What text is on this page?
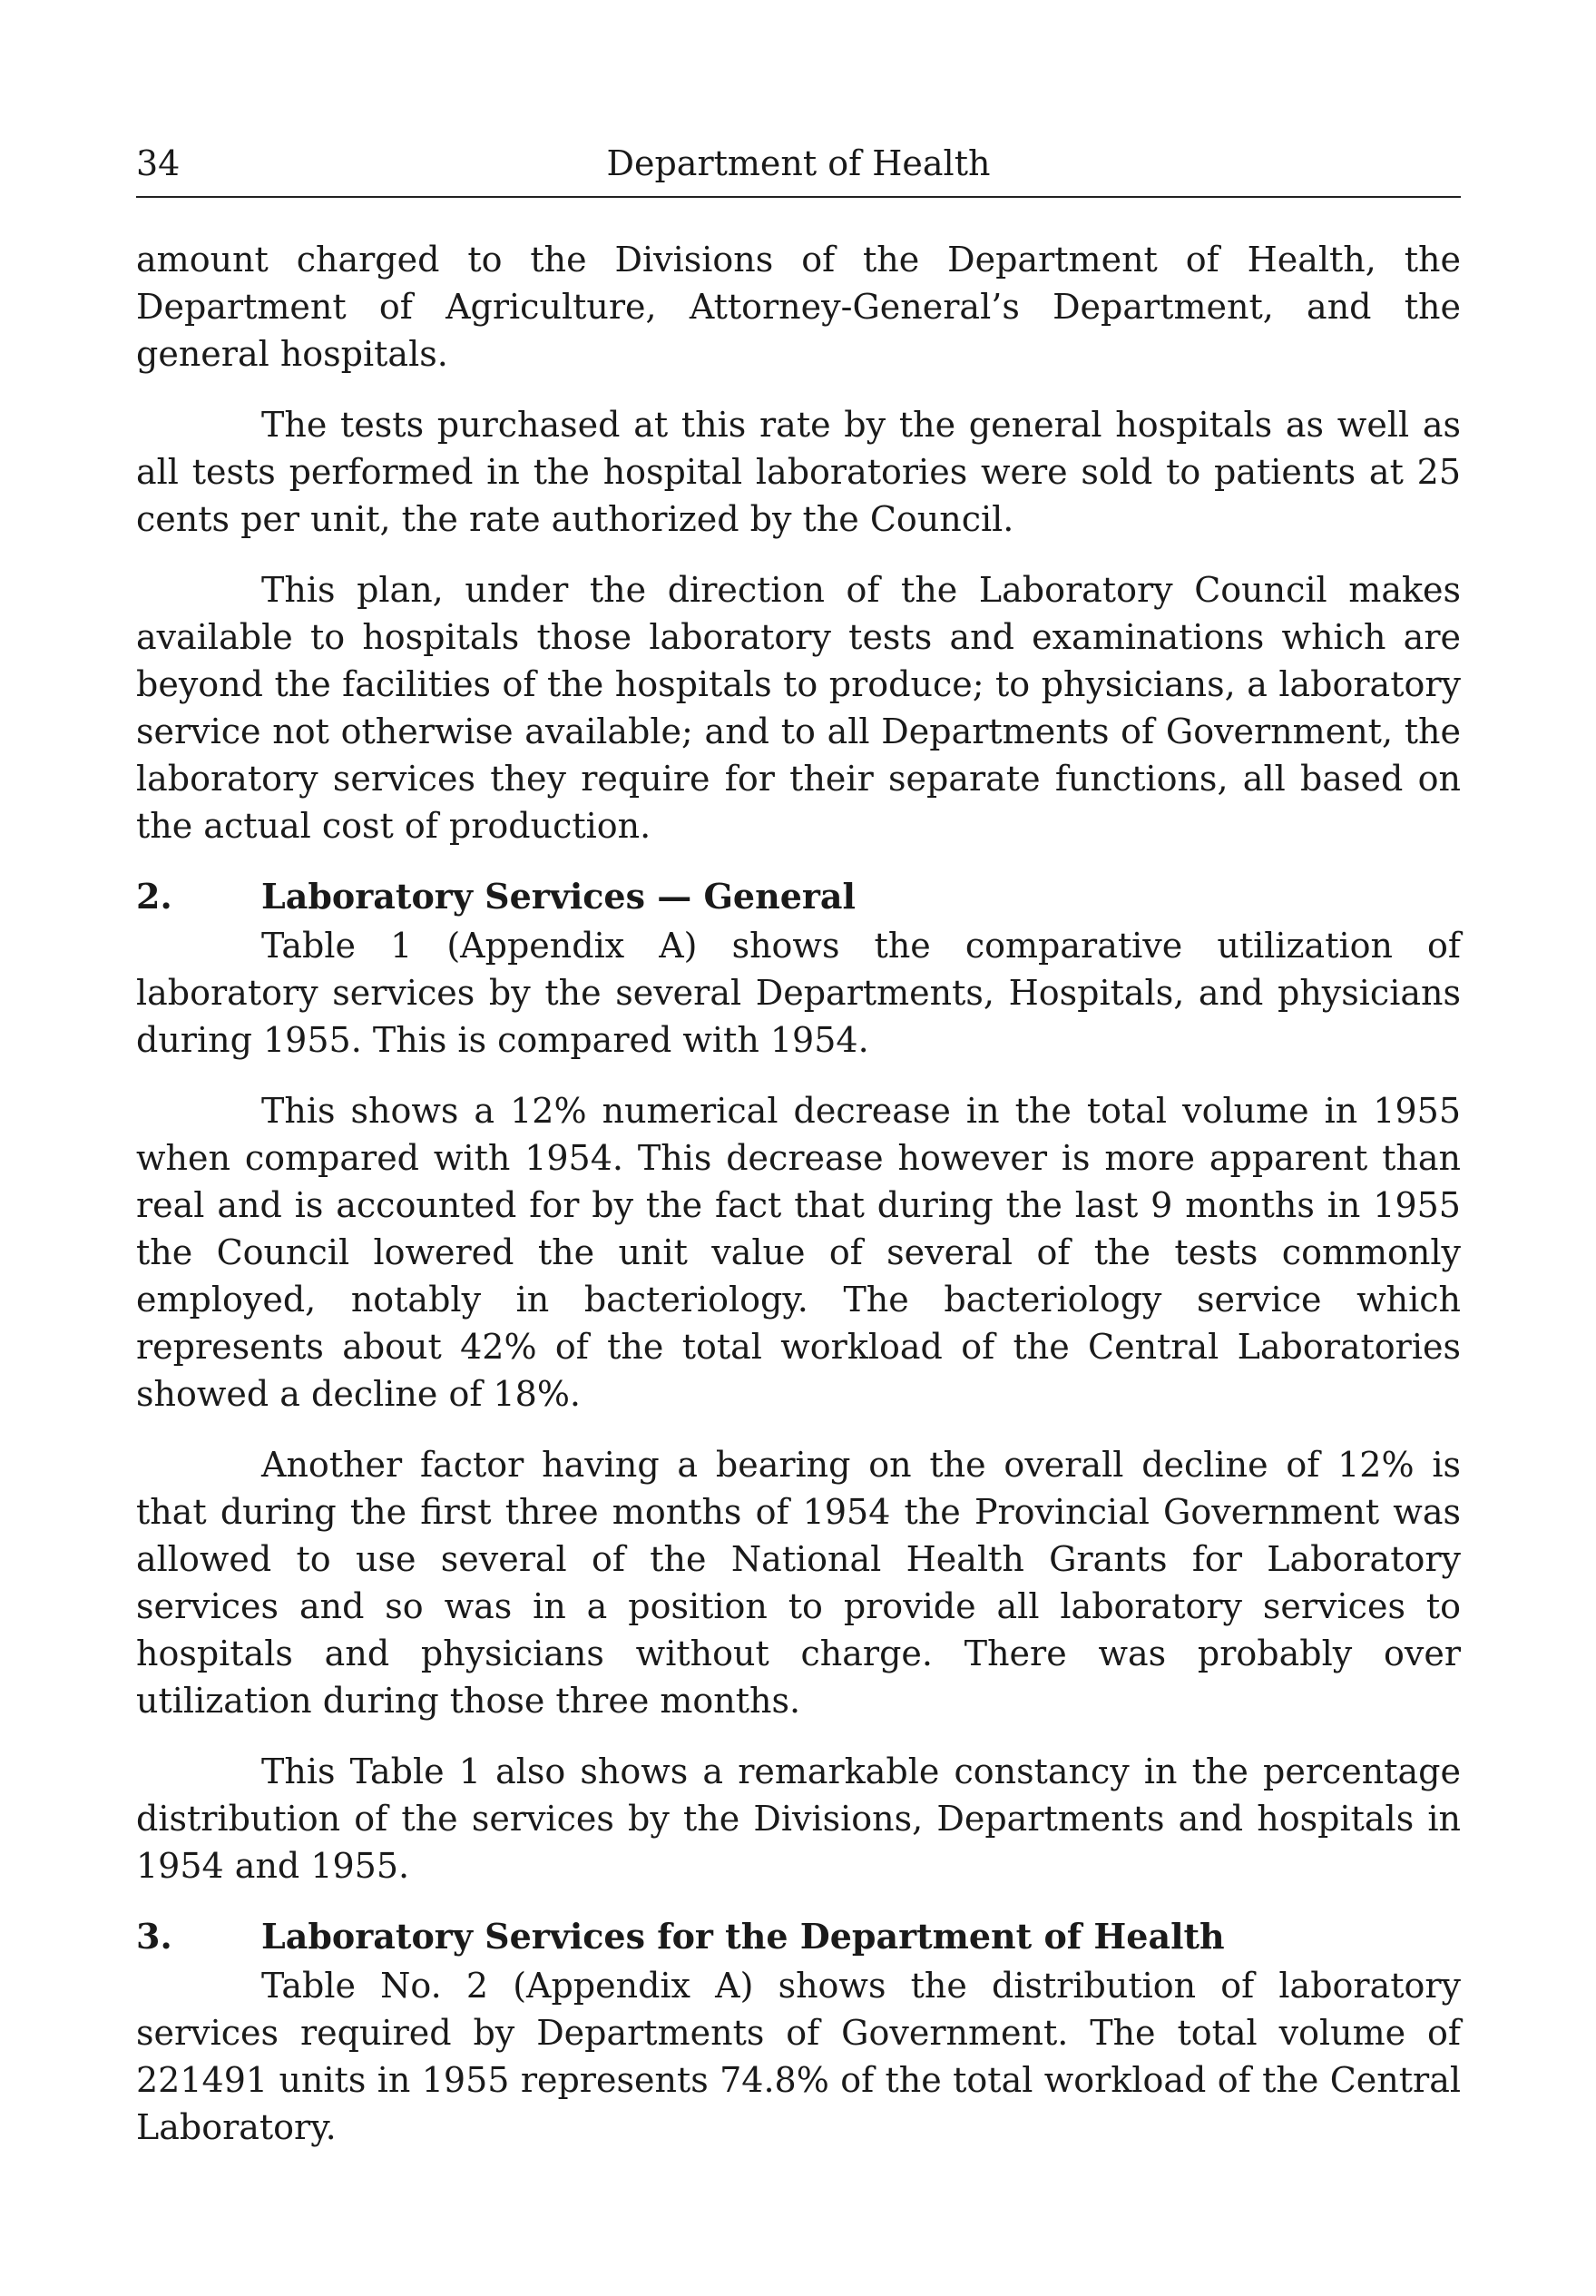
34	Department of Health

amount charged to the Divisions of the Department of Health, the Department of Agriculture, Attorney-General’s Department, and the general hospitals.

The tests purchased at this rate by the general hospitals as well as all tests performed in the hospital laboratories were sold to patients at 25 cents per unit, the rate authorized by the Council.

This plan, under the direction of the Laboratory Council makes available to hospitals those laboratory tests and examinations which are beyond the facilities of the hospitals to produce; to physicians, a laboratory service not otherwise available; and to all Departments of Government, the laboratory services they require for their separate functions, all based on the actual cost of production.

2.	Laboratory Services — General

Table 1 (Appendix A) shows the comparative utilization of laboratory services by the several Departments, Hospitals, and physicians during 1955. This is compared with 1954.

This shows a 12% numerical decrease in the total volume in 1955 when compared with 1954. This decrease however is more apparent than real and is accounted for by the fact that during the last 9 months in 1955 the Council lowered the unit value of several of the tests commonly employed, notably in bacteriology. The bacteriology service which represents about 42% of the total workload of the Central Laboratories showed a decline of 18%.

Another factor having a bearing on the overall decline of 12% is that during the first three months of 1954 the Provincial Government was allowed to use several of the National Health Grants for Laboratory services and so was in a position to provide all laboratory services to hospitals and physicians without charge. There was probably over utilization during those three months.

This Table 1 also shows a remarkable constancy in the percentage distribution of the services by the Divisions, Departments and hospitals in 1954 and 1955.

3.	Laboratory Services for the Department of Health

Table No. 2 (Appendix A) shows the distribution of laboratory services required by Departments of Government. The total volume of 221491 units in 1955 represents 74.8% of the total workload of the Central Laboratory.
